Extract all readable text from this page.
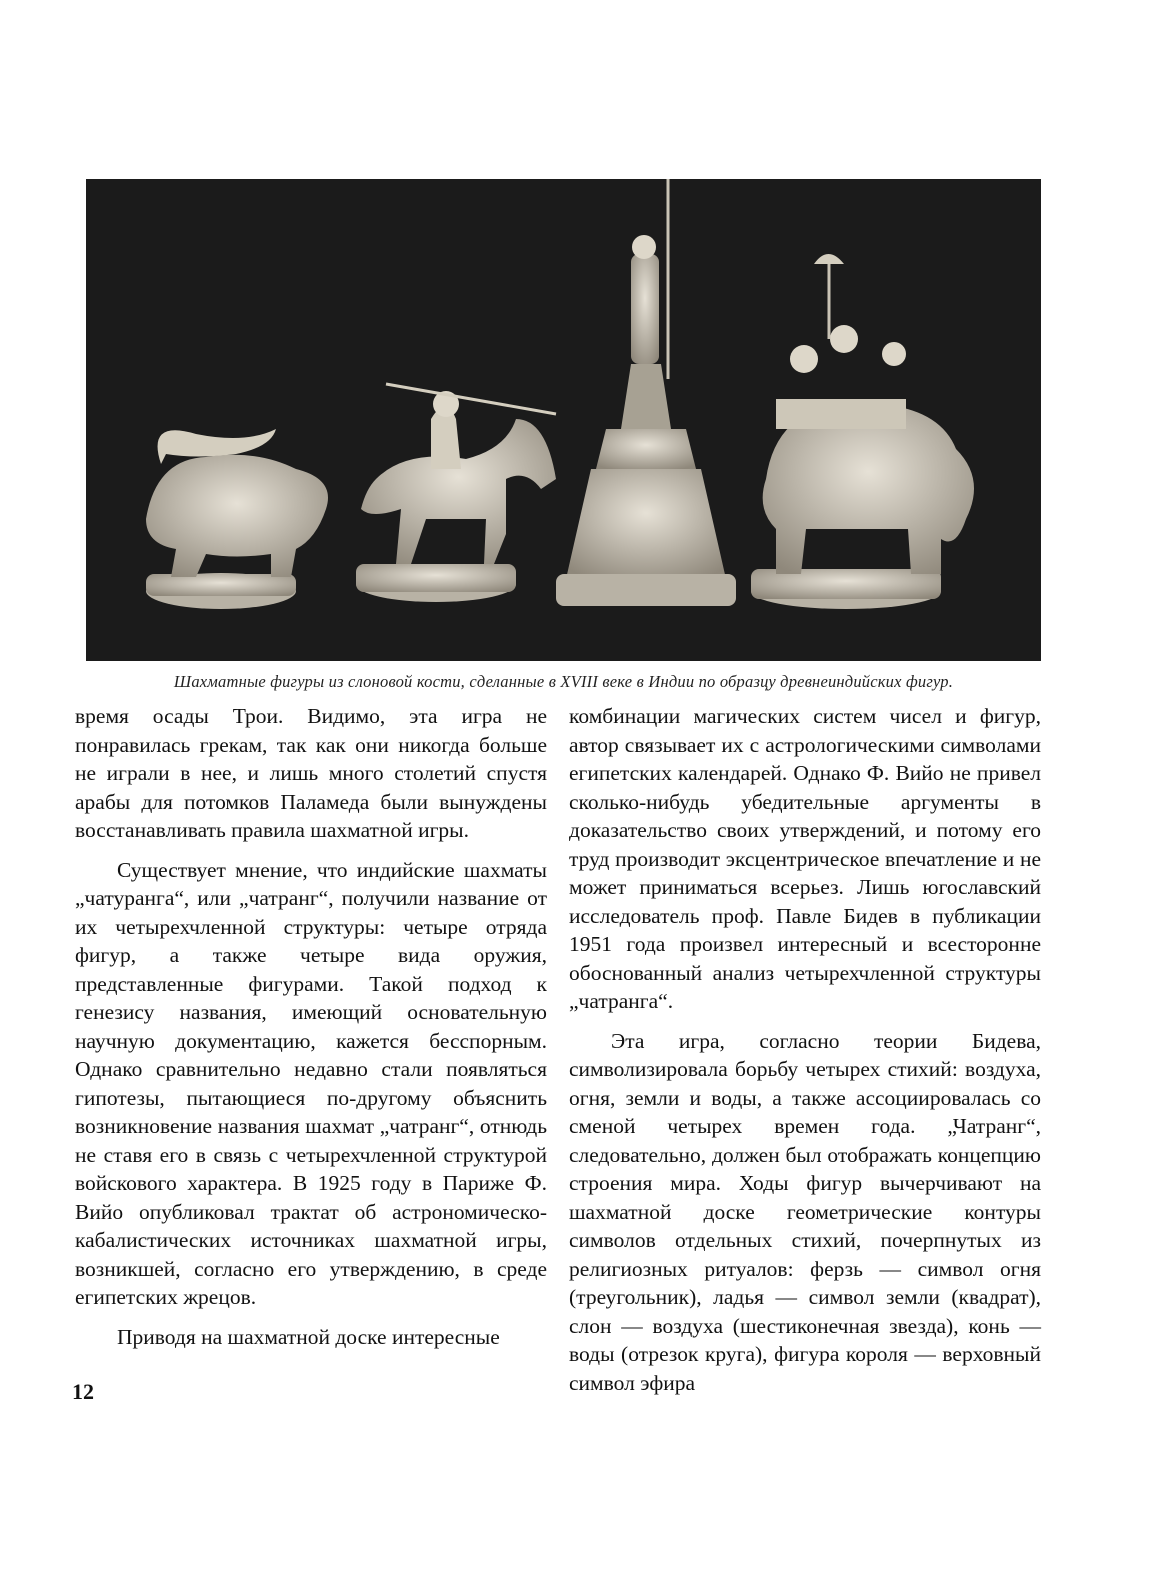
Шахматные фигуры из слоновой кости, сделанные в XVIII веке в Индии по образцу древнеиндийских фигур.

время осады Трои. Видимо, эта игра не понравилась грекам, так как они никогда больше не играли в нее, и лишь много столетий спустя арабы для потомков Паламеда были вынуждены восстанавливать правила шахматной игры.

Существует мнение, что индийские шахматы „чатуранга“, или „чатранг“, получили название от их четырехчленной структуры: четыре отряда фигур, а также четыре вида оружия, представленные фигурами. Такой подход к генезису названия, имеющий основательную научную документацию, кажется бесспорным. Однако сравнительно недавно стали появляться гипотезы, пытающиеся по-другому объяснить возникновение названия шахмат „чатранг“, отнюдь не ставя его в связь с четырехчленной структурой войскового характера. В 1925 году в Париже Ф. Вийо опубликовал трактат об астрономическо-кабалистических источниках шахматной игры, возникшей, согласно его утверждению, в среде египетских жрецов.

Приводя на шахматной доске интересные

комбинации магических систем чисел и фигур, автор связывает их с астрологическими символами египетских календарей. Однако Ф. Вийо не привел сколько-нибудь убедительные аргументы в доказательство своих утверждений, и потому его труд производит эксцентрическое впечатление и не может приниматься всерьез. Лишь югославский исследователь проф. Павле Бидев в публикации 1951 года произвел интересный и всесторонне обоснованный анализ четырехчленной структуры „чатранга“.

Эта игра, согласно теории Бидева, символизировала борьбу четырех стихий: воздуха, огня, земли и воды, а также ассоциировалась со сменой четырех времен года. „Чатранг“, следовательно, должен был отображать концепцию строения мира. Ходы фигур вычерчивают на шахматной доске геометрические контуры символов отдельных стихий, почерпнутых из религиозных ритуалов: ферзь — символ огня (треугольник), ладья — символ земли (квадрат), слон — воздуха (шестиконечная звезда), конь — воды (отрезок круга), фигура короля — верховный символ эфира

12
